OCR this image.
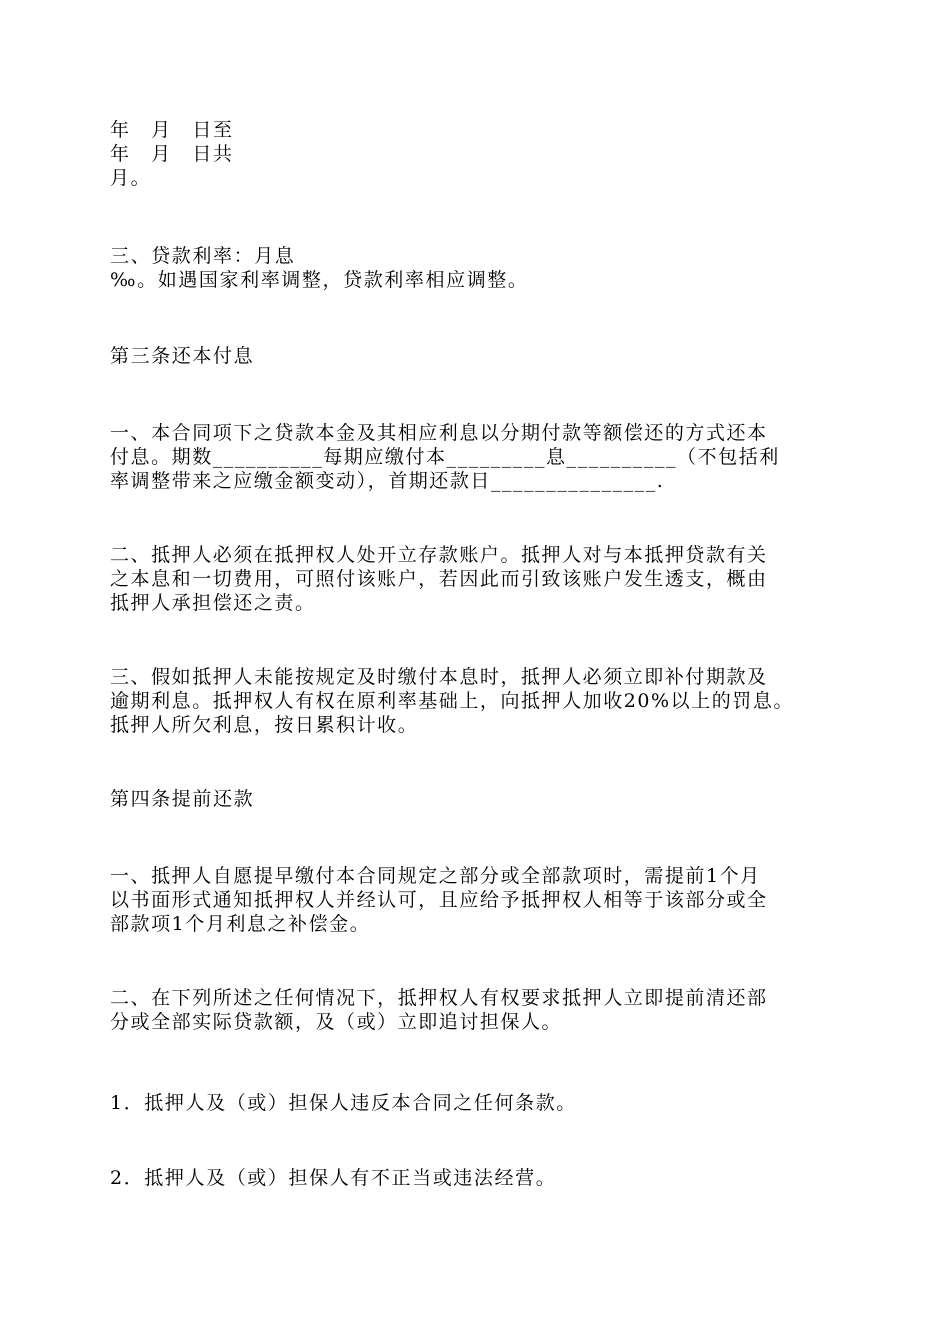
年　月　日至

年　月　日共

月。

三、贷款利率：月息

‰。如遇国家利率调整，贷款利率相应调整。

第三条还本付息

一、本合同项下之贷款本金及其相应利息以分期付款等额偿还的方式还本

付息。期数__________每期应缴付本_________息__________（不包括利

率调整带来之应缴金额变动），首期还款日_______________.

二、抵押人必须在抵押权人处开立存款账户。抵押人对与本抵押贷款有关

之本息和一切费用，可照付该账户，若因此而引致该账户发生透支，概由

抵押人承担偿还之责。

三、假如抵押人未能按规定及时缴付本息时，抵押人必须立即补付期款及

逾期利息。抵押权人有权在原利率基础上，向抵押人加收20%以上的罚息。

抵押人所欠利息，按日累积计收。

第四条提前还款

一、抵押人自愿提早缴付本合同规定之部分或全部款项时，需提前1个月

以书面形式通知抵押权人并经认可，且应给予抵押权人相等于该部分或全

部款项1个月利息之补偿金。

二、在下列所述之任何情况下，抵押权人有权要求抵押人立即提前清还部

分或全部实际贷款额，及（或）立即追讨担保人。

1．抵押人及（或）担保人违反本合同之任何条款。

2．抵押人及（或）担保人有不正当或违法经营。
